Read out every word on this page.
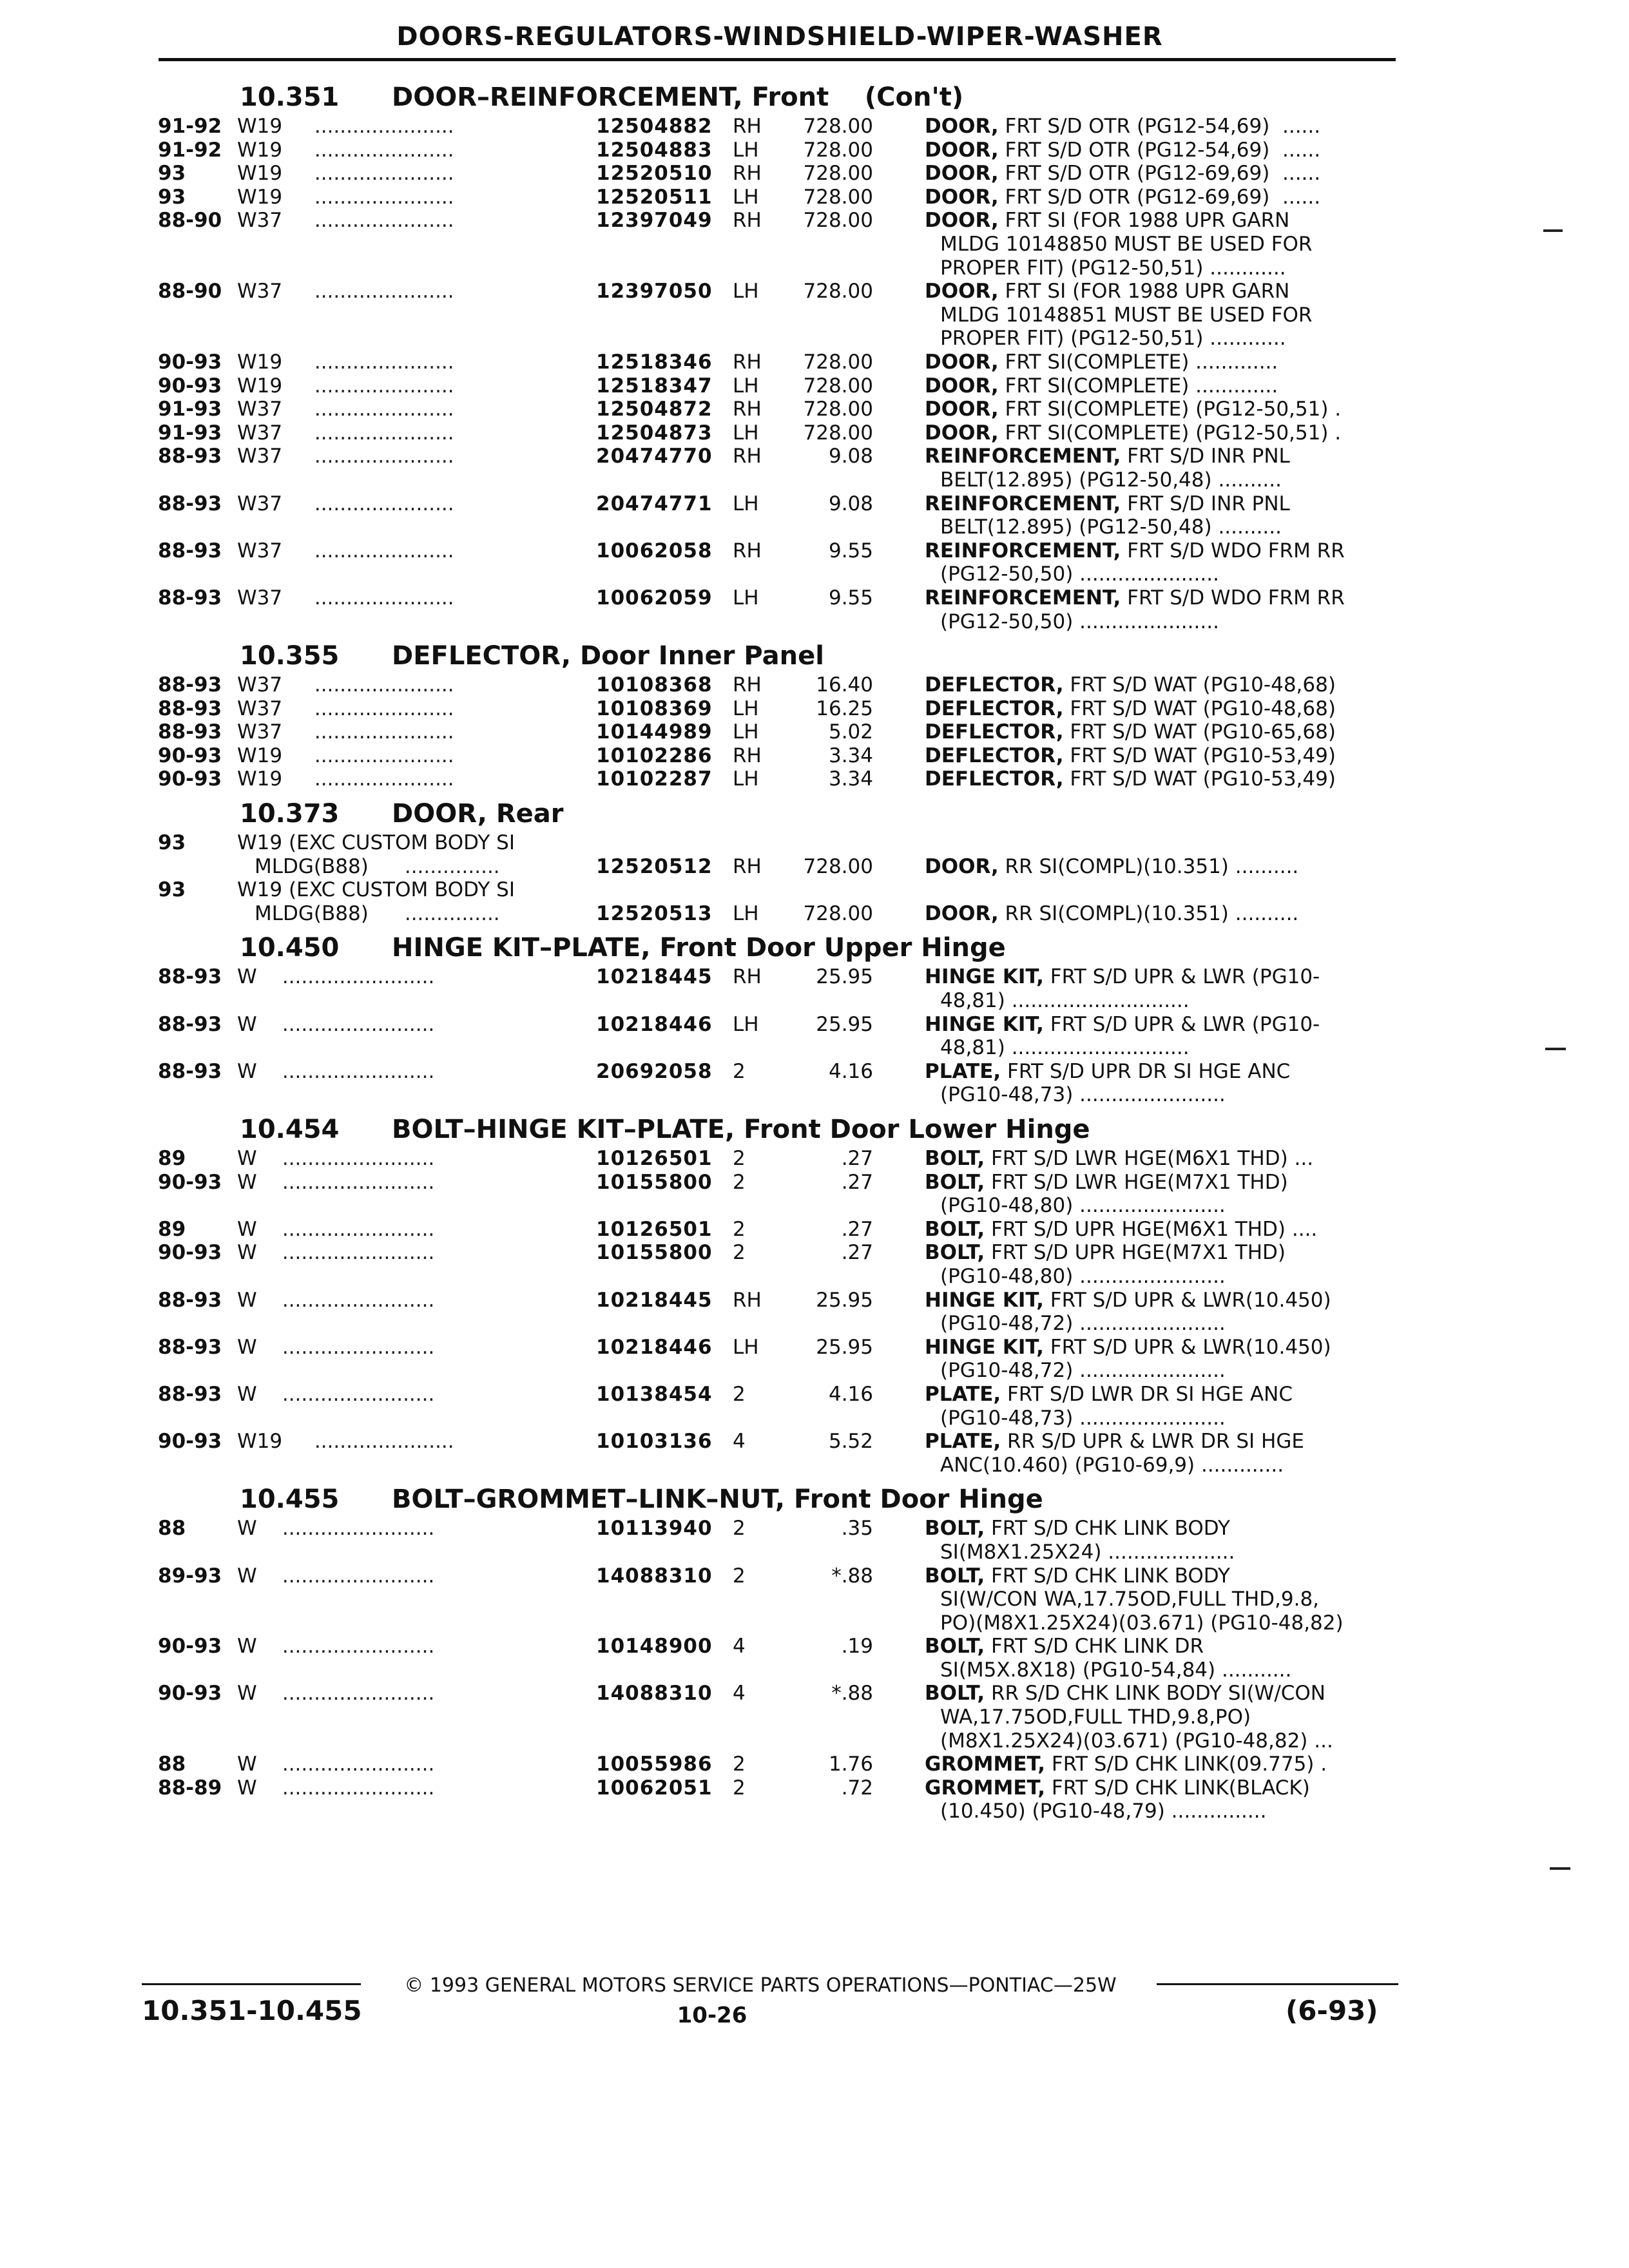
DOORS-REGULATORS-WINDSHIELD-WIPER-WASHER
10.351 DOOR–REINFORCEMENT, Front    (Con't)
91-92 W19 ......................	12504882 RH	728.00	DOOR, FRT S/D OTR (PG12-54,69)  ......
91-92 W19 ......................	12504883 LH	728.00	DOOR, FRT S/D OTR (PG12-54,69)  ......
93	W19 ......................	12520510 RH	728.00	DOOR, FRT S/D OTR (PG12-69,69)  ......
93	W19 ......................	12520511 LH	728.00	DOOR, FRT S/D OTR (PG12-69,69)  ......
88-90 W37 ......................	12397049 RH	728.00	DOOR, FRT SI (FOR 1988 UPR GARN
MLDG 10148850 MUST BE USED FOR
PROPER FIT) (PG12-50,51) ............
88-90 W37 ......................	12397050 LH	728.00	DOOR, FRT SI (FOR 1988 UPR GARN
MLDG 10148851 MUST BE USED FOR
PROPER FIT) (PG12-50,51) ............
90-93 W19 ......................	12518346 RH	728.00	DOOR, FRT SI(COMPLETE) .............
90-93 W19 ......................	12518347 LH	728.00	DOOR, FRT SI(COMPLETE) .............
91-93 W37 ......................	12504872 RH	728.00	DOOR, FRT SI(COMPLETE) (PG12-50,51) .
91-93 W37 ......................	12504873 LH	728.00	DOOR, FRT SI(COMPLETE) (PG12-50,51) .
88-93 W37 ......................	20474770 RH	9.08	REINFORCEMENT, FRT S/D INR PNL
BELT(12.895) (PG12-50,48) ..........
88-93 W37 ......................	20474771 LH	9.08	REINFORCEMENT, FRT S/D INR PNL
BELT(12.895) (PG12-50,48) ..........
88-93 W37 ......................	10062058 RH	9.55	REINFORCEMENT, FRT S/D WDO FRM RR
(PG12-50,50) ......................
88-93 W37 ......................	10062059 LH	9.55	REINFORCEMENT, FRT S/D WDO FRM RR
(PG12-50,50) ......................
10.355 DEFLECTOR, Door Inner Panel
88-93 W37 ......................	10108368 RH	16.40	DEFLECTOR, FRT S/D WAT (PG10-48,68)
88-93 W37 ......................	10108369 LH	16.25	DEFLECTOR, FRT S/D WAT (PG10-48,68)
88-93 W37 ......................	10144989 LH	5.02	DEFLECTOR, FRT S/D WAT (PG10-65,68)
90-93 W19 ......................	10102286 RH	3.34	DEFLECTOR, FRT S/D WAT (PG10-53,49)
90-93 W19 ......................	10102287 LH	3.34	DEFLECTOR, FRT S/D WAT (PG10-53,49)
10.373 DOOR, Rear
93	W19 (EXC CUSTOM BODY SI
MLDG(B88) ...............	12520512 RH	728.00	DOOR, RR SI(COMPL)(10.351) ..........
93	W19 (EXC CUSTOM BODY SI
MLDG(B88) ...............	12520513 LH	728.00	DOOR, RR SI(COMPL)(10.351) ..........
10.450 HINGE KIT–PLATE, Front Door Upper Hinge
88-93 W ........................	10218445 RH	25.95	HINGE KIT, FRT S/D UPR & LWR (PG10-
48,81) ............................
88-93 W ........................	10218446 LH	25.95	HINGE KIT, FRT S/D UPR & LWR (PG10-
48,81) ............................
88-93 W ........................	20692058 2	4.16	PLATE, FRT S/D UPR DR SI HGE ANC
(PG10-48,73) .......................
10.454 BOLT–HINGE KIT–PLATE, Front Door Lower Hinge
89	W ........................	10126501 2	.27	BOLT, FRT S/D LWR HGE(M6X1 THD) ...
90-93 W ........................	10155800 2	.27	BOLT, FRT S/D LWR HGE(M7X1 THD)
(PG10-48,80) .......................
89	W ........................	10126501 2	.27	BOLT, FRT S/D UPR HGE(M6X1 THD) ....
90-93 W ........................	10155800 2	.27	BOLT, FRT S/D UPR HGE(M7X1 THD)
(PG10-48,80) .......................
88-93 W ........................	10218445 RH	25.95	HINGE KIT, FRT S/D UPR & LWR(10.450)
(PG10-48,72) .......................
88-93 W ........................	10218446 LH	25.95	HINGE KIT, FRT S/D UPR & LWR(10.450)
(PG10-48,72) .......................
88-93 W ........................	10138454 2	4.16	PLATE, FRT S/D LWR DR SI HGE ANC
(PG10-48,73) .......................
90-93 W19 ......................	10103136 4	5.52	PLATE, RR S/D UPR & LWR DR SI HGE
ANC(10.460) (PG10-69,9) .............
10.455 BOLT–GROMMET–LINK–NUT, Front Door Hinge
88	W ........................	10113940 2	.35	BOLT, FRT S/D CHK LINK BODY
SI(M8X1.25X24) ....................
89-93 W ........................	14088310 2	*.88	BOLT, FRT S/D CHK LINK BODY
SI(W/CON WA,17.75OD,FULL THD,9.8,
PO)(M8X1.25X24)(03.671) (PG10-48,82)
90-93 W ........................	10148900 4	.19	BOLT, FRT S/D CHK LINK DR
SI(M5X.8X18) (PG10-54,84) ...........
90-93 W ........................	14088310 4	*.88	BOLT, RR S/D CHK LINK BODY SI(W/CON
WA,17.75OD,FULL THD,9.8,PO)
(M8X1.25X24)(03.671) (PG10-48,82) ...
88	W ........................	10055986 2	1.76	GROMMET, FRT S/D CHK LINK(09.775) .
88-89 W ........................	10062051 2	.72	GROMMET, FRT S/D CHK LINK(BLACK)
(10.450) (PG10-48,79) ...............
© 1993 GENERAL MOTORS SERVICE PARTS OPERATIONS—PONTIAC—25W
10.351-10.455	10-26	(6-93)
